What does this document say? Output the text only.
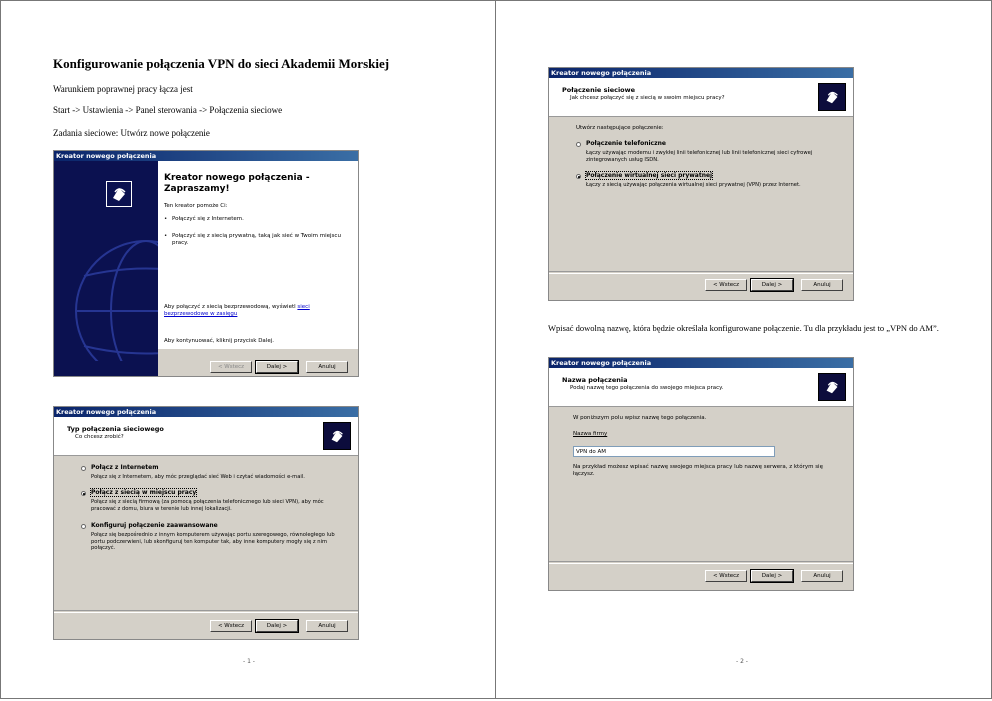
Konfigurowanie połączenia VPN do sieci Akademii Morskiej
Warunkiem poprawnej pracy łącza jest
Start -> Ustawienia -> Panel sterowania -> Połączenia sieciowe
Zadania sieciowe: Utwórz nowe połączenie
Kreator nowego połączenia
Kreator nowego połączenia - Zapraszamy!
Ten kreator pomoże Ci:
• Połączyć się z Internetem.
• Połączyć się z siecią prywatną, taką jak sieć w Twoim miejscu pracy.
Aby połączyć z siecią bezprzewodową, wyświetl sieci bezprzewodowe w zasięgu
Aby kontynuować, kliknij przycisk Dalej.
< Wstecz	Dalej >	Anuluj
Kreator nowego połączenia
Typ połączenia sieciowego
Co chcesz zrobić?
Połącz z Internetem
Połącz się z Internetem, aby móc przeglądać sieć Web i czytać wiadomości e-mail.
Połącz z siecią w miejscu pracy
Połącz się z siecią firmową (za pomocą połączenia telefonicznego lub sieci VPN), aby móc pracować z domu, biura w terenie lub innej lokalizacji.
Konfiguruj połączenie zaawansowane
Połącz się bezpośrednio z innym komputerem używając portu szeregowego, równoległego lub portu podczerwieni, lub skonfiguruj ten komputer tak, aby inne komputery mogły się z nim połączyć.
< Wstecz	Dalej >	Anuluj
- 1 -
Kreator nowego połączenia
Połączenie sieciowe
Jak chcesz połączyć się z siecią w swoim miejscu pracy?
Utwórz następujące połączenie:
Połączenie telefoniczne
Łączy używając modemu i zwykłej linii telefonicznej lub linii telefonicznej sieci cyfrowej zintegrowanych usług ISDN.
Połączenie wirtualnej sieci prywatnej
Łączy z siecią używając połączenia wirtualnej sieci prywatnej (VPN) przez Internet.
< Wstecz	Dalej >	Anuluj
Wpisać dowolną nazwę, która będzie określała konfigurowane połączenie. Tu dla przykładu jest to „VPN do AM”.
Kreator nowego połączenia
Nazwa połączenia
Podaj nazwę tego połączenia do swojego miejsca pracy.
W poniższym polu wpisz nazwę tego połączenia.
Nazwa firmy
VPN do AM
Na przykład możesz wpisać nazwę swojego miejsca pracy lub nazwę serwera, z którym się łączysz.
< Wstecz	Dalej >	Anuluj
- 2 -
